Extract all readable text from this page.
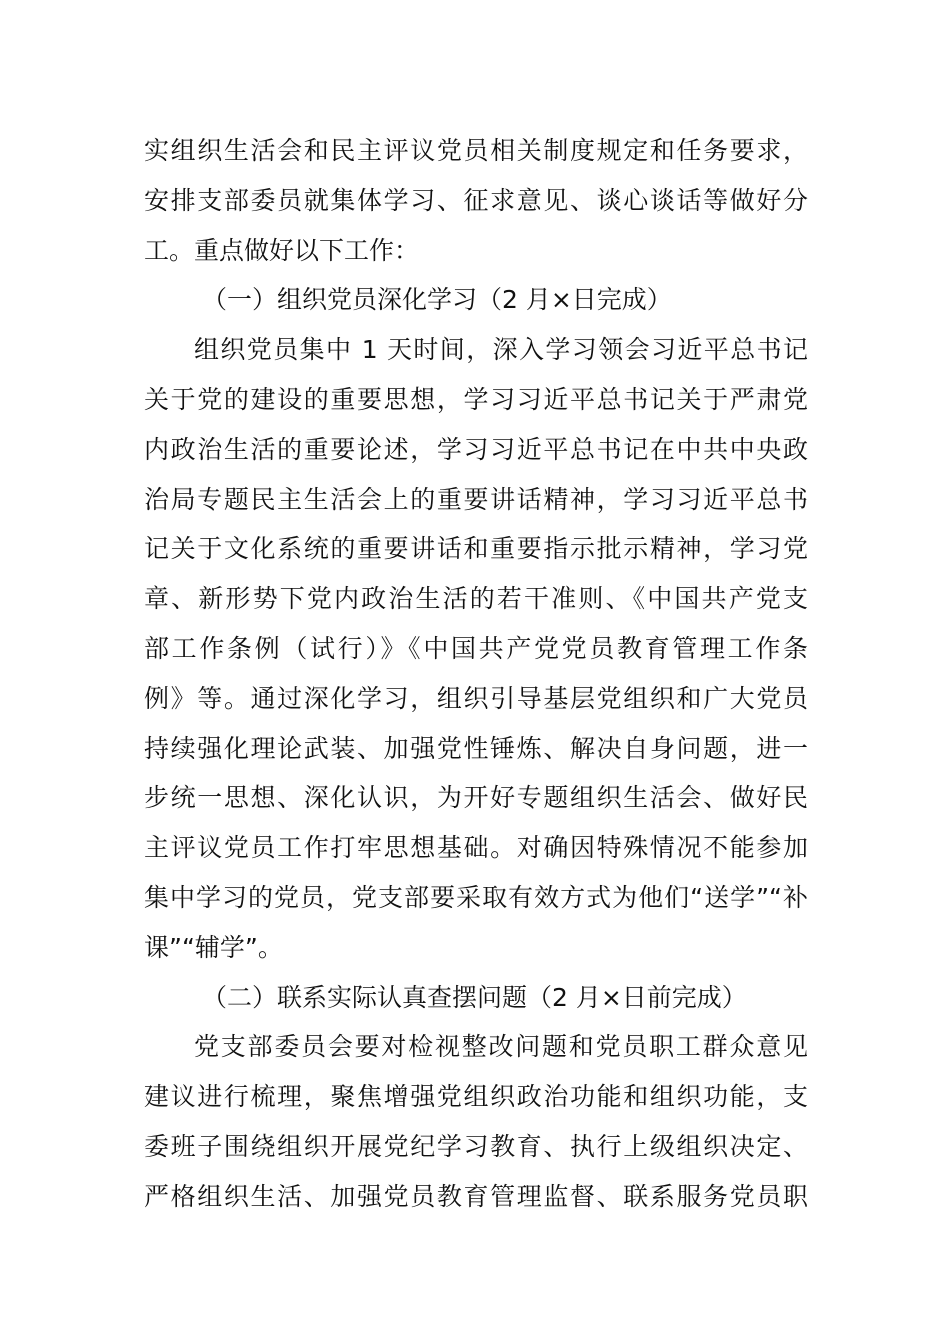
实组织生活会和民主评议党员相关制度规定和任务要求，
安排支部委员就集体学习、征求意见、谈心谈话等做好分
工。重点做好以下工作：
（一）组织党员深化学习（2 月×日完成）
组织党员集中 1 天时间，深入学习领会习近平总书记
关于党的建设的重要思想，学习习近平总书记关于严肃党
内政治生活的重要论述，学习习近平总书记在中共中央政
治局专题民主生活会上的重要讲话精神，学习习近平总书
记关于文化系统的重要讲话和重要指示批示精神，学习党
章、新形势下党内政治生活的若干准则、《中国共产党支
部工作条例（试行）》《中国共产党党员教育管理工作条
例》等。通过深化学习，组织引导基层党组织和广大党员
持续强化理论武装、加强党性锤炼、解决自身问题，进一
步统一思想、深化认识，为开好专题组织生活会、做好民
主评议党员工作打牢思想基础。对确因特殊情况不能参加
集中学习的党员，党支部要采取有效方式为他们“送学”“补
课”“辅学”。
（二）联系实际认真查摆问题（2 月×日前完成）
党支部委员会要对检视整改问题和党员职工群众意见
建议进行梳理，聚焦增强党组织政治功能和组织功能，支
委班子围绕组织开展党纪学习教育、执行上级组织决定、
严格组织生活、加强党员教育管理监督、联系服务党员职
